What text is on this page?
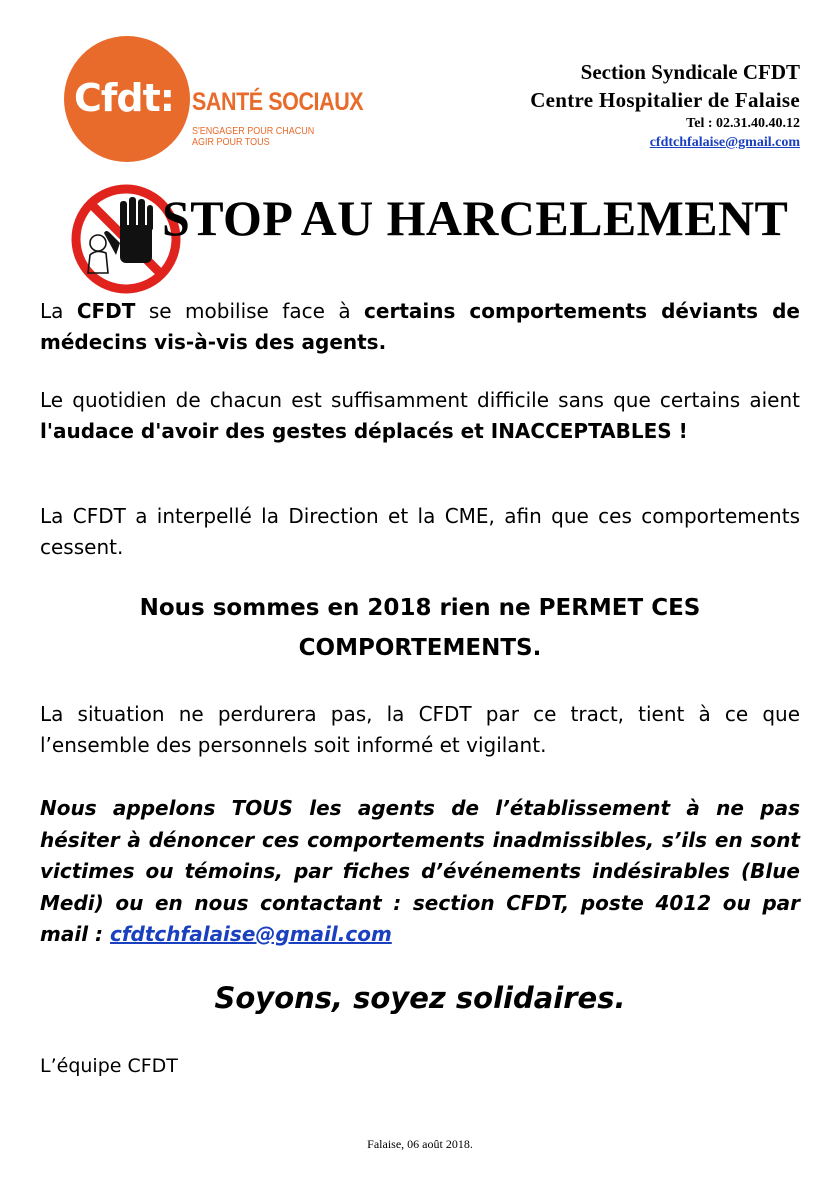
Cfdt: SANTÉ SOCIAUX
S'ENGAGER POUR CHACUN
AGIR POUR TOUS
Section Syndicale CFDT
Centre Hospitalier de Falaise
Tel : 02.31.40.40.12
cfdtchfalaise@gmail.com
STOP AU HARCELEMENT
La CFDT se mobilise face à certains comportements déviants de médecins vis-à-vis des agents.
Le quotidien de chacun est suffisamment difficile sans que certains aient l'audace d'avoir des gestes déplacés et INACCEPTABLES !
La CFDT a interpellé la Direction et la CME, afin que ces comportements cessent.
Nous sommes en 2018 rien ne PERMET CES
COMPORTEMENTS.
La situation ne perdurera pas, la CFDT par ce tract, tient à ce que l’ensemble des personnels soit informé et vigilant.
Nous appelons TOUS les agents de l’établissement à ne pas hésiter à dénoncer ces comportements inadmissibles, s’ils en sont victimes ou témoins, par fiches d’événements indésirables (Blue Medi) ou en nous contactant : section CFDT, poste 4012 ou par mail : cfdtchfalaise@gmail.com
Soyons, soyez solidaires.
L’équipe CFDT
Falaise, 06 août 2018.
